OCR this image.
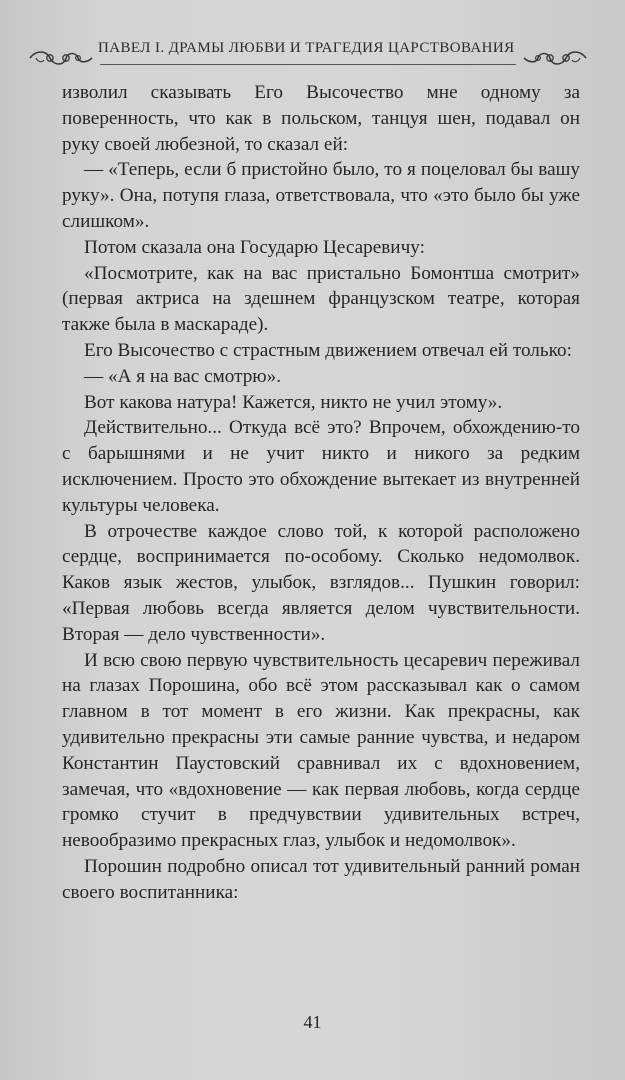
ПАВЕЛ I. ДРАМЫ ЛЮБВИ И ТРАГЕДИЯ ЦАРСТВОВАНИЯ

изволил сказывать Его Высочество мне одному за поверенность, что как в польском, танцуя шен, подавал он руку своей любезной, то сказал ей:

— «Теперь, если б пристойно было, то я поцеловал бы вашу руку». Она, потупя глаза, ответствовала, что «это было бы уже слишком».

Потом сказала она Государю Цесаревичу:

«Посмотрите, как на вас пристально Бомонтша смотрит» (первая актриса на здешнем французском театре, которая также была в маскараде).

Его Высочество с страстным движением отвечал ей только:

— «А я на вас смотрю».

Вот какова натура! Кажется, никто не учил этому».

Действительно... Откуда всё это? Впрочем, обхождению-то с барышнями и не учит никто и никого за редким исключением. Просто это обхождение вытекает из внутренней культуры человека.

В отрочестве каждое слово той, к которой расположено сердце, воспринимается по-особому. Сколько недомолвок. Каков язык жестов, улыбок, взглядов... Пушкин говорил: «Первая любовь всегда является делом чувствительности. Вторая — дело чувственности».

И всю свою первую чувствительность цесаревич переживал на глазах Порошина, обо всё этом рассказывал как о самом главном в тот момент в его жизни. Как прекрасны, как удивительно прекрасны эти самые ранние чувства, и недаром Константин Паустовский сравнивал их с вдохновением, замечая, что «вдохновение — как первая любовь, когда сердце громко стучит в предчувствии удивительных встреч, невообразимо прекрасных глаз, улыбок и недомолвок».

Порошин подробно описал тот удивительный ранний роман своего воспитанника:

41
